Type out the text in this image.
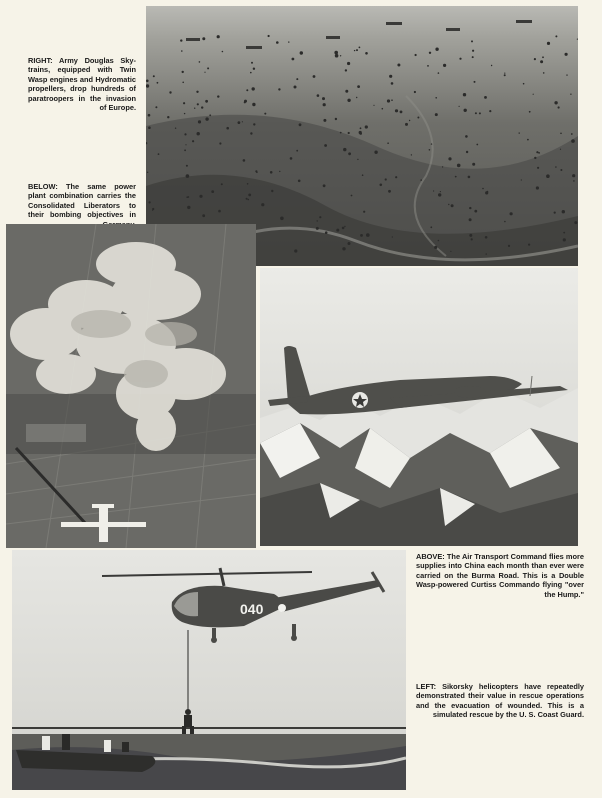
RIGHT: Army Douglas Sky-trains, equipped with Twin Wasp engines and Hydromatic propellers, drop hundreds of paratroopers in the invasion of Europe.
BELOW: The same power plant combination carries the Consolidated Liberators to their bombing objectives in
ABOVE: The Air Transport Command flies more supplies into China each month than ever were carried on the Burma Road. This is a Double Wasp-powered Curtiss Commando flying "over the Hump."
040
LEFT: Sikorsky helicopters have repeatedly demonstrated their value in rescue operations and the evacuation of wounded. This is a simulated rescue by the U. S. Coast Guard.
